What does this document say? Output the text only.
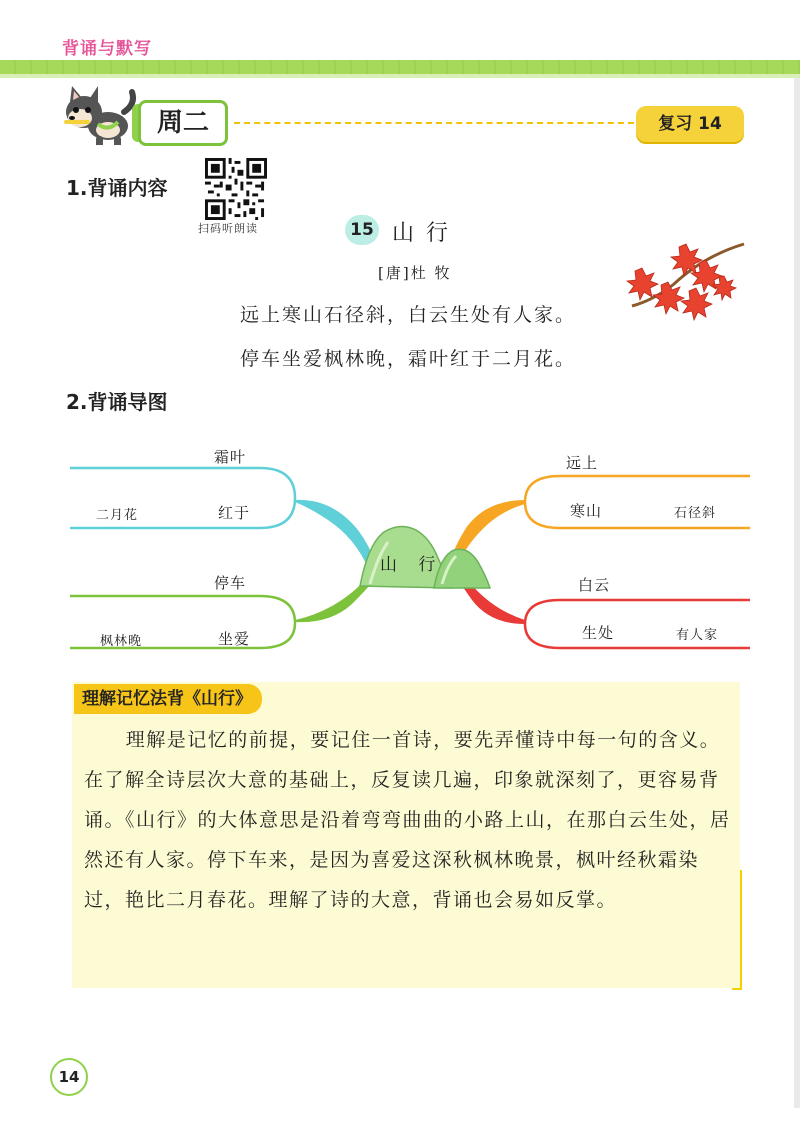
背诵与默写
周二	复习 14
1.背诵内容
扫码听朗读	15 山行
[唐]杜 牧
远上寒山石径斜，白云生处有人家。
停车坐爱枫林晚，霜叶红于二月花。
2.背诵导图
霜叶
二月花	红于
停车
枫林晚	坐爱
山 行
远上
寒山	石径斜
白云
生处	有人家
理解记忆法背《山行》
理解是记忆的前提，要记住一首诗，要先弄懂诗中每一句的含义。在了解全诗层次大意的基础上，反复读几遍，印象就深刻了，更容易背诵。《山行》的大体意思是沿着弯弯曲曲的小路上山，在那白云生处，居然还有人家。停下车来，是因为喜爱这深秋枫林晚景，枫叶经秋霜染过，艳比二月春花。理解了诗的大意，背诵也会易如反掌。
14
